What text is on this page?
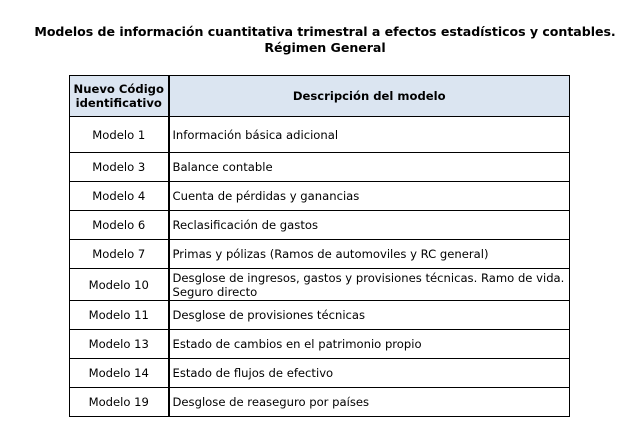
Modelos de información cuantitativa trimestral a efectos estadísticos y contables.
Régimen General
Nuevo Código identificativo	Descripción del modelo
Modelo 1	Información básica adicional
Modelo 3	Balance contable
Modelo 4	Cuenta de pérdidas y ganancias
Modelo 6	Reclasificación de gastos
Modelo 7	Primas y pólizas (Ramos de automoviles y RC general)
Modelo 10	Desglose de ingresos, gastos y provisiones técnicas. Ramo de vida.
Seguro directo

Modelo 11	Desglose de provisiones técnicas
Modelo 13	Estado de cambios en el patrimonio propio
Modelo 14	Estado de flujos de efectivo
Modelo 19	Desglose de reaseguro por países
